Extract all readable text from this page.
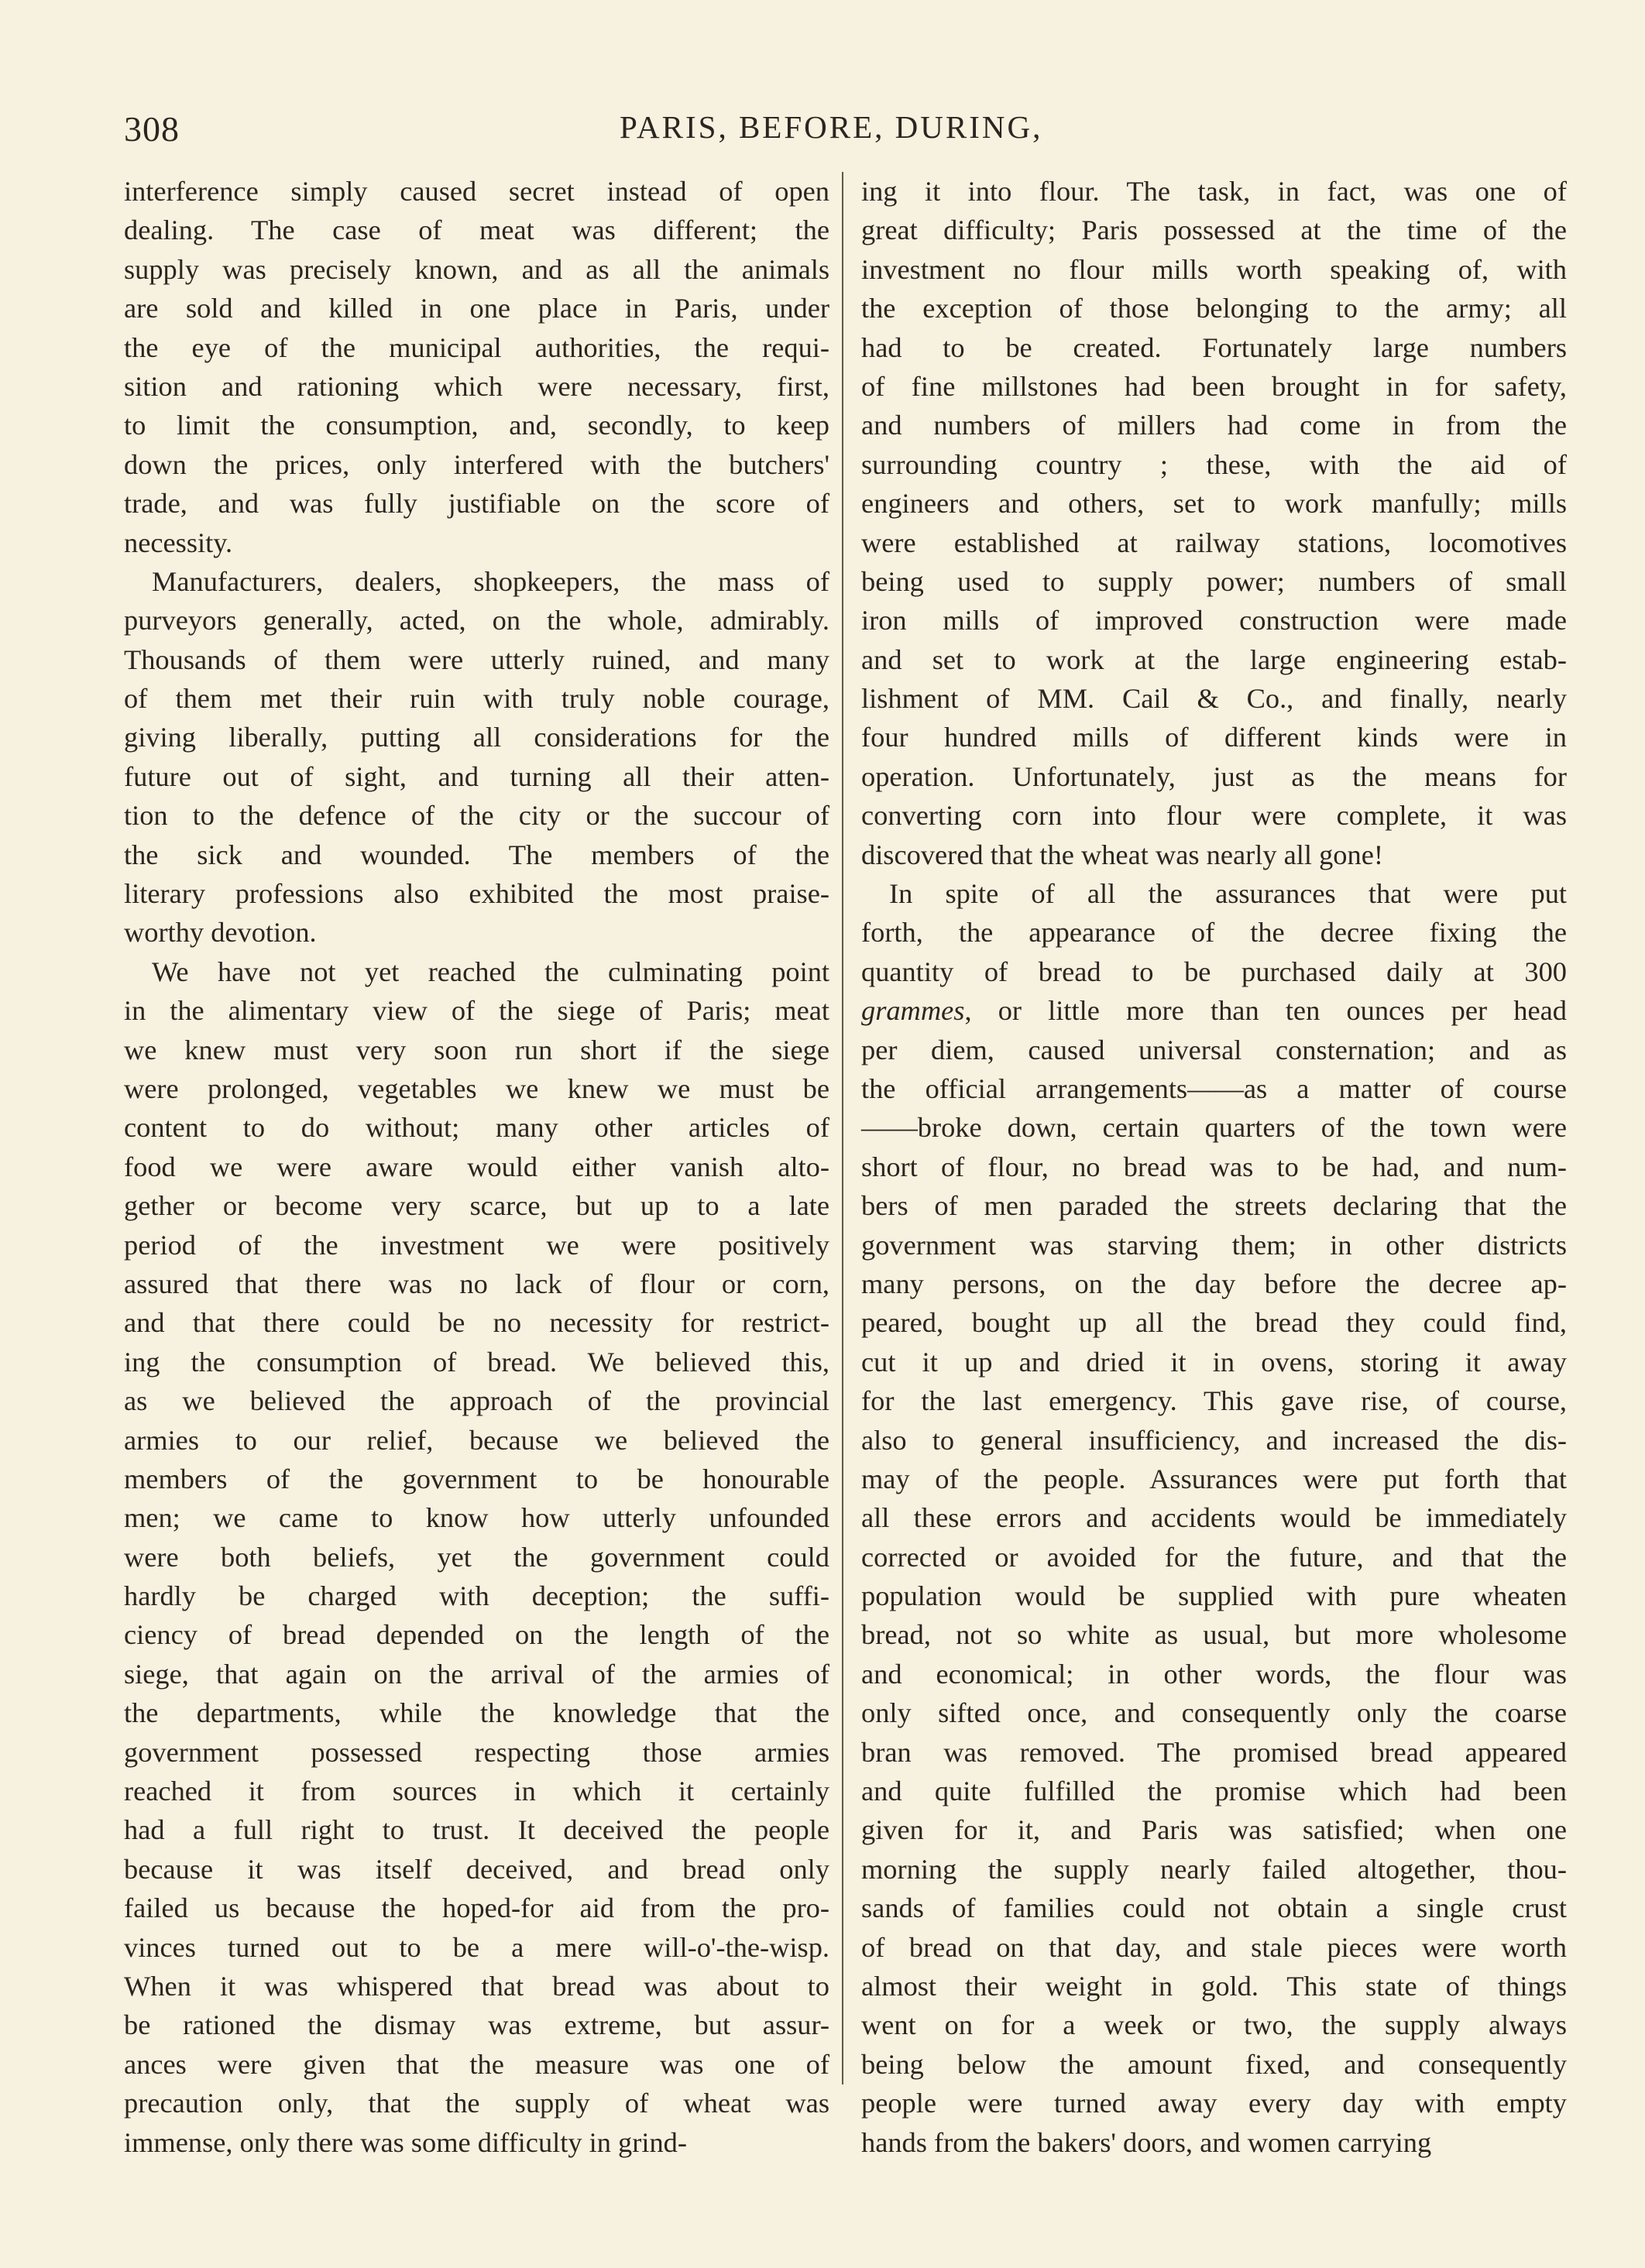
308	PARIS, BEFORE, DURING,
interference simply caused secret instead of open
dealing. The case of meat was different; the
supply was precisely known, and as all the animals
are sold and killed in one place in Paris, under
the eye of the municipal authorities, the requi-
sition and rationing which were necessary, first,
to limit the consumption, and, secondly, to keep
down the prices, only interfered with the butchers'
trade, and was fully justifiable on the score of
necessity.
Manufacturers, dealers, shopkeepers, the mass of
purveyors generally, acted, on the whole, admirably.
Thousands of them were utterly ruined, and many
of them met their ruin with truly noble courage,
giving liberally, putting all considerations for the
future out of sight, and turning all their atten-
tion to the defence of the city or the succour of
the sick and wounded. The members of the
literary professions also exhibited the most praise-
worthy devotion.
We have not yet reached the culminating point
in the alimentary view of the siege of Paris; meat
we knew must very soon run short if the siege
were prolonged, vegetables we knew we must be
content to do without; many other articles of
food we were aware would either vanish alto-
gether or become very scarce, but up to a late
period of the investment we were positively
assured that there was no lack of flour or corn,
and that there could be no necessity for restrict-
ing the consumption of bread. We believed this,
as we believed the approach of the provincial
armies to our relief, because we believed the
members of the government to be honourable
men; we came to know how utterly unfounded
were both beliefs, yet the government could
hardly be charged with deception; the suffi-
ciency of bread depended on the length of the
siege, that again on the arrival of the armies of
the departments, while the knowledge that the
government possessed respecting those armies
reached it from sources in which it certainly
had a full right to trust. It deceived the people
because it was itself deceived, and bread only
failed us because the hoped-for aid from the pro-
vinces turned out to be a mere will-o'-the-wisp.
When it was whispered that bread was about to
be rationed the dismay was extreme, but assur-
ances were given that the measure was one of
precaution only, that the supply of wheat was
immense, only there was some difficulty in grind-
ing it into flour. The task, in fact, was one of
great difficulty; Paris possessed at the time of the
investment no flour mills worth speaking of, with
the exception of those belonging to the army; all
had to be created. Fortunately large numbers
of fine millstones had been brought in for safety,
and numbers of millers had come in from the
surrounding country ; these, with the aid of
engineers and others, set to work manfully; mills
were established at railway stations, locomotives
being used to supply power; numbers of small
iron mills of improved construction were made
and set to work at the large engineering estab-
lishment of MM. Cail & Co., and finally, nearly
four hundred mills of different kinds were in
operation. Unfortunately, just as the means for
converting corn into flour were complete, it was
discovered that the wheat was nearly all gone!
In spite of all the assurances that were put
forth, the appearance of the decree fixing the
quantity of bread to be purchased daily at 300
grammes, or little more than ten ounces per head
per diem, caused universal consternation; and as
the official arrangements——as a matter of course
——broke down, certain quarters of the town were
short of flour, no bread was to be had, and num-
bers of men paraded the streets declaring that the
government was starving them; in other districts
many persons, on the day before the decree ap-
peared, bought up all the bread they could find,
cut it up and dried it in ovens, storing it away
for the last emergency. This gave rise, of course,
also to general insufficiency, and increased the dis-
may of the people. Assurances were put forth that
all these errors and accidents would be immediately
corrected or avoided for the future, and that the
population would be supplied with pure wheaten
bread, not so white as usual, but more wholesome
and economical; in other words, the flour was
only sifted once, and consequently only the coarse
bran was removed. The promised bread appeared
and quite fulfilled the promise which had been
given for it, and Paris was satisfied; when one
morning the supply nearly failed altogether, thou-
sands of families could not obtain a single crust
of bread on that day, and stale pieces were worth
almost their weight in gold. This state of things
went on for a week or two, the supply always
being below the amount fixed, and consequently
people were turned away every day with empty
hands from the bakers' doors, and women carrying
